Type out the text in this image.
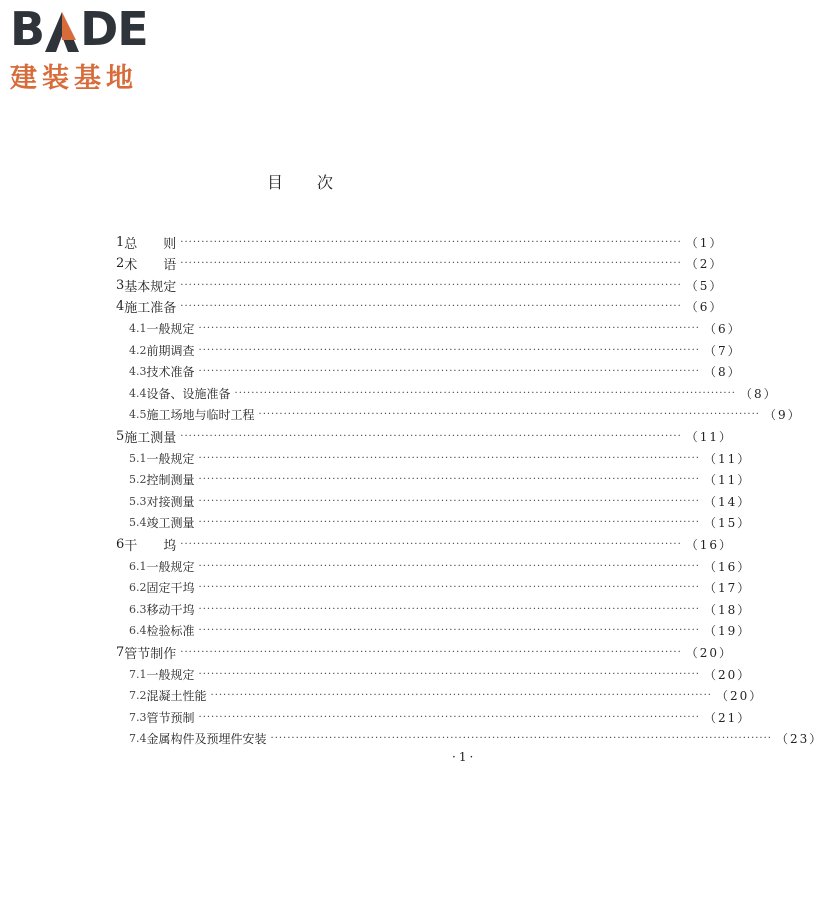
B DE
建装基地
目次
1 总　　则 ························································································································ （1）
2 术　　语 ························································································································ （2）
3 基本规定 ························································································································ （5）
4 施工准备 ························································································································ （6）
4.1 一般规定 ························································································································ （6）
4.2 前期调查 ························································································································ （7）
4.3 技术准备 ························································································································ （8）
4.4 设备、设施准备 ························································································································ （8）
4.5 施工场地与临时工程 ························································································································ （9）
5 施工测量 ························································································································ （11）
5.1 一般规定 ························································································································ （11）
5.2 控制测量 ························································································································ （11）
5.3 对接测量 ························································································································ （14）
5.4 竣工测量 ························································································································ （15）
6 干　　坞 ························································································································ （16）
6.1 一般规定 ························································································································ （16）
6.2 固定干坞 ························································································································ （17）
6.3 移动干坞 ························································································································ （18）
6.4 检验标准 ························································································································ （19）
7 管节制作 ························································································································ （20）
7.1 一般规定 ························································································································ （20）
7.2 混凝土性能 ························································································································ （20）
7.3 管节预制 ························································································································ （21）
7.4 金属构件及预埋件安装 ························································································································ （23）
·1·
